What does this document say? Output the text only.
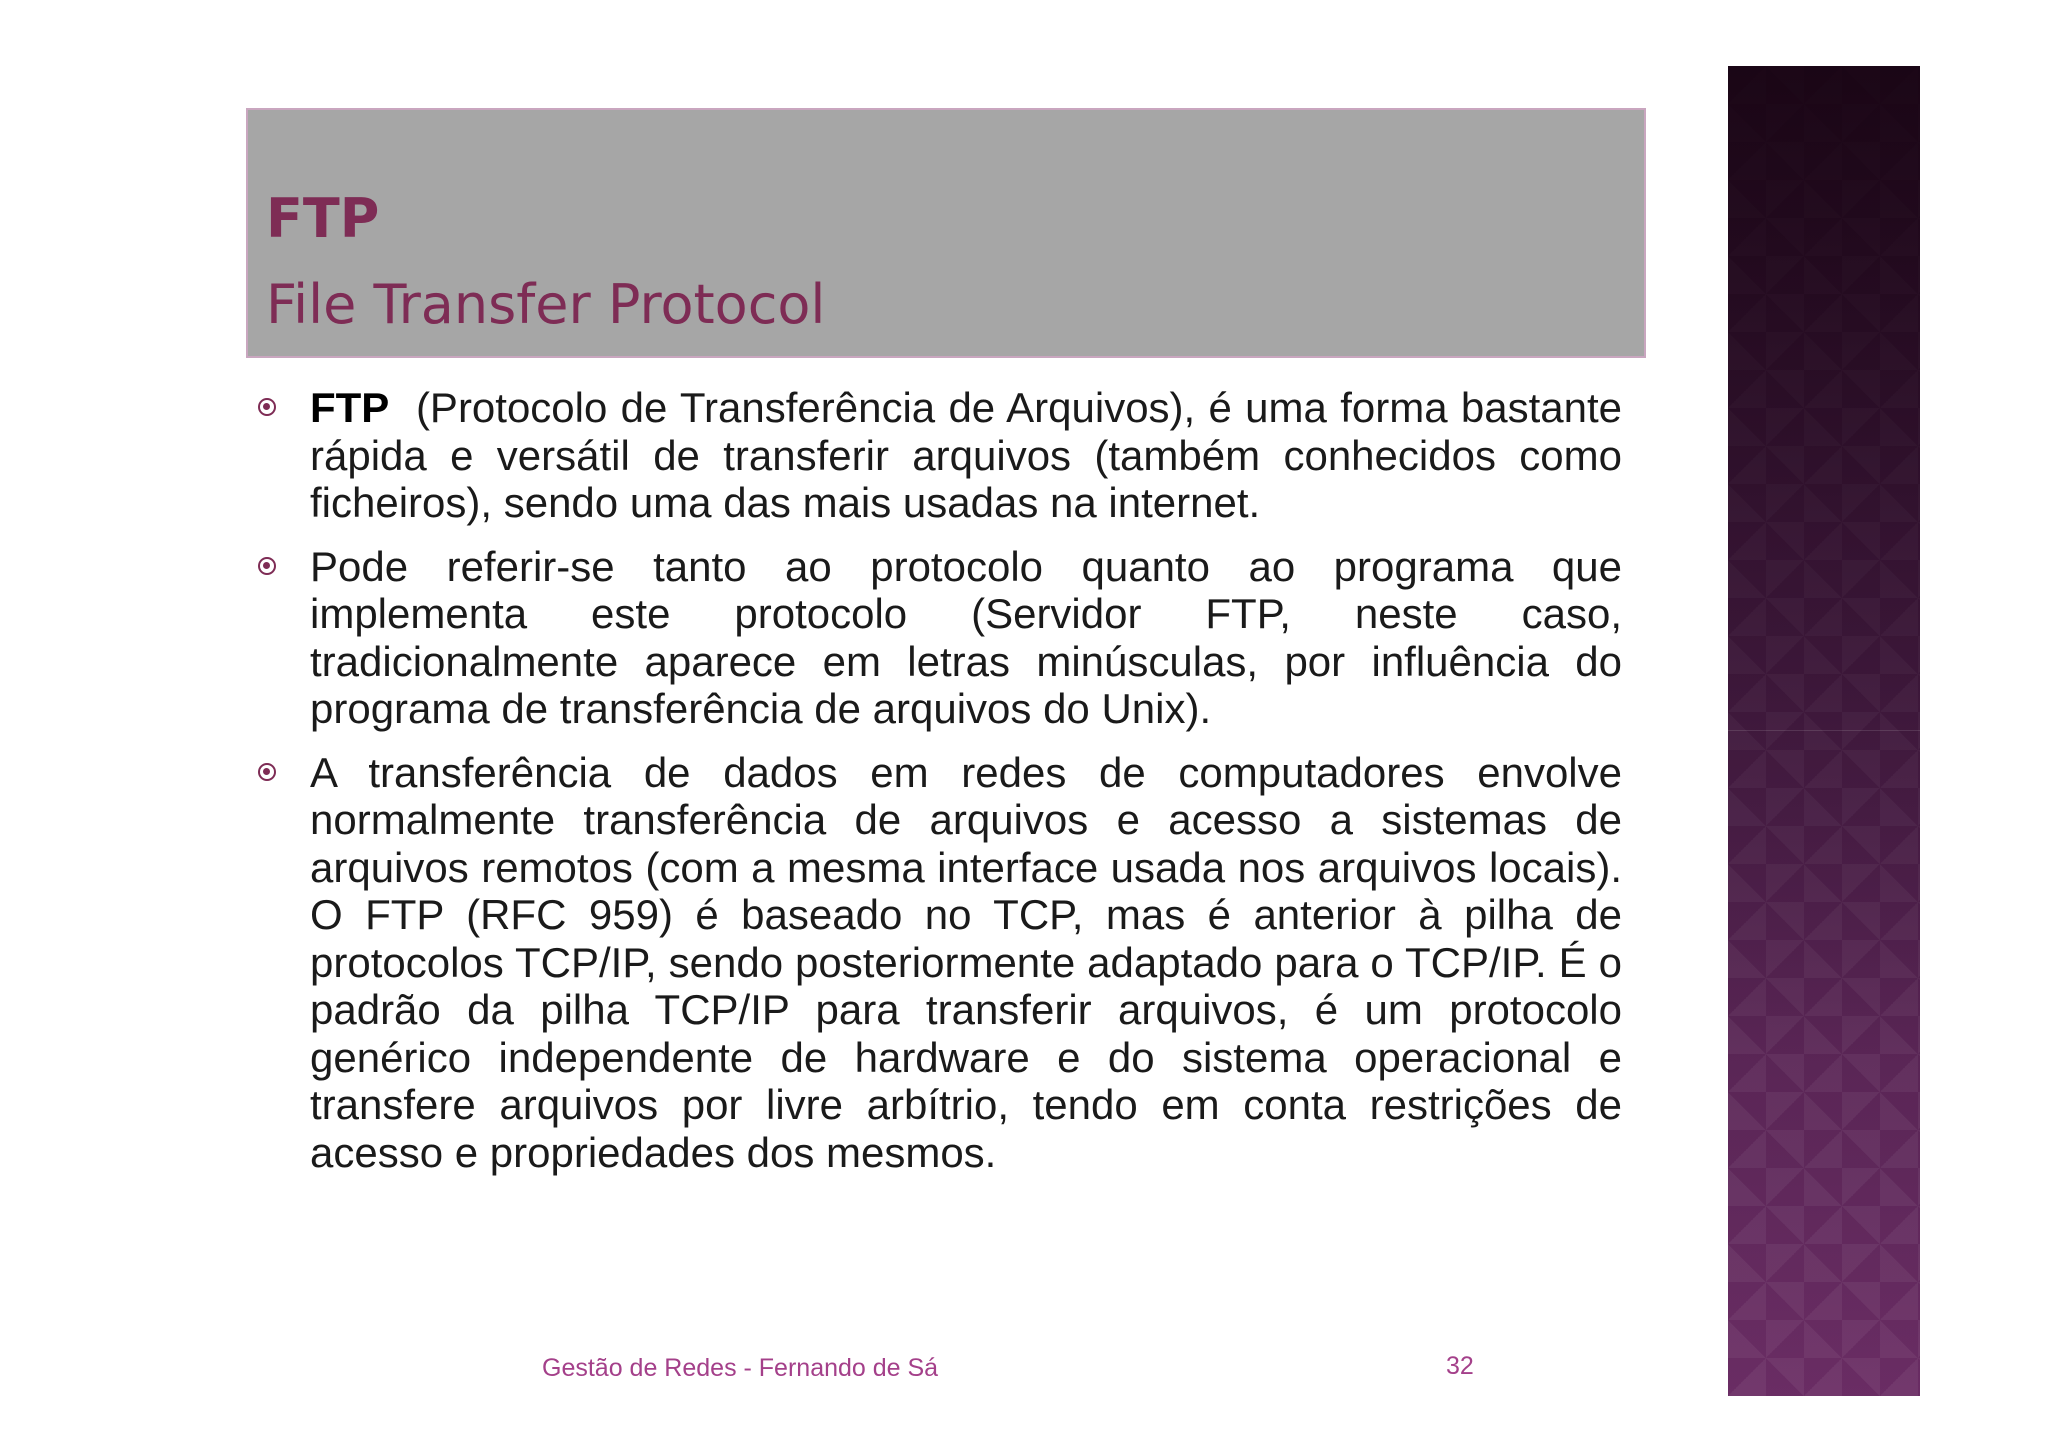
FTP
File Transfer Protocol
FTP  (Protocolo de Transferência de Arquivos), é uma forma bastante rápida e versátil de transferir arquivos (também conhecidos como ficheiros), sendo uma das mais usadas na internet.
Pode referir-se tanto ao protocolo quanto ao programa que implementa este protocolo (Servidor FTP, neste caso, tradicionalmente aparece em letras minúsculas, por influência do programa de transferência de arquivos do Unix).
A transferência de dados em redes de computadores envolve normalmente transferência de arquivos e acesso a sistemas de arquivos remotos (com a mesma interface usada nos arquivos locais). O FTP (RFC 959) é baseado no TCP, mas é anterior à pilha de protocolos TCP/IP, sendo posteriormente adaptado para o TCP/IP. É o padrão da pilha TCP/IP para transferir arquivos, é um protocolo genérico independente de hardware e do sistema operacional e transfere arquivos por livre arbítrio, tendo em conta restrições de acesso e propriedades dos mesmos.
Gestão de Redes - Fernando de Sá	32
